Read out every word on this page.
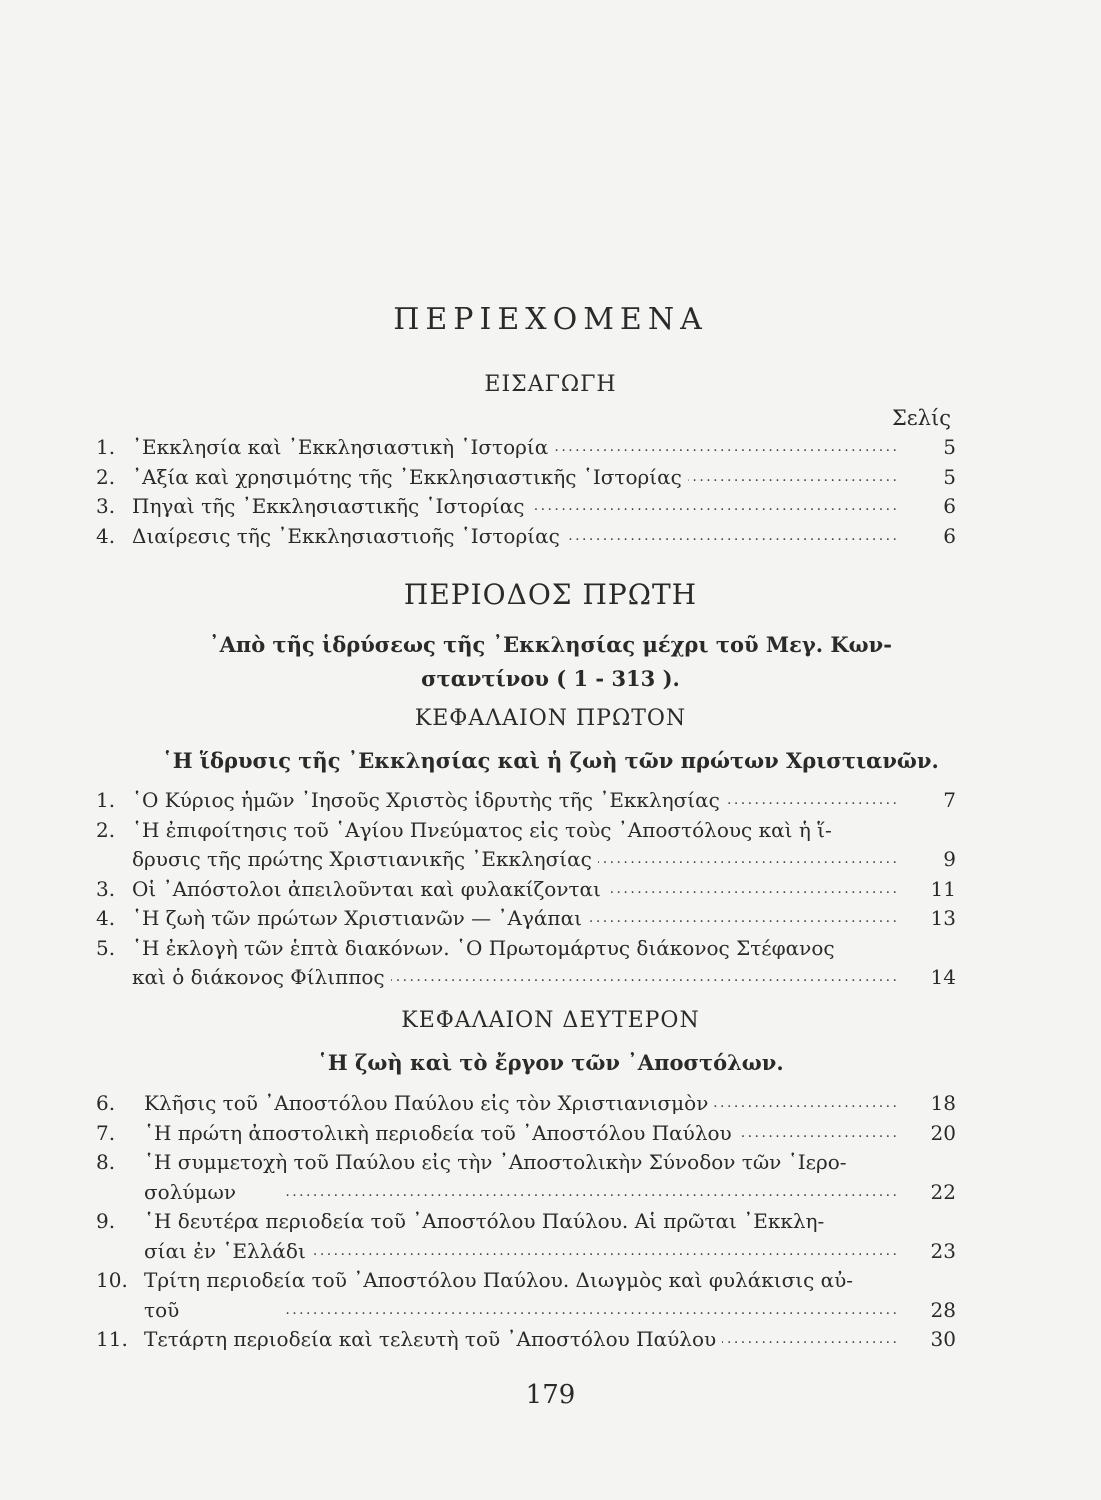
ΠΕΡΙΕΧΟΜΕΝΑ
ΕΙΣΑΓΩΓΗ
Σελίς
1. ᾽Εκκλησία καὶ ᾽Εκκλησιαστικὴ ῾Ιστορία . . .	5
2. ᾽Αξία καὶ χρησιμότης τῆς ᾽Εκκλησιαστικῆς ῾Ιστορίας . . .	5
3. Πηγαὶ τῆς ᾽Εκκλησιαστικῆς ῾Ιστορίας . . .	6
4. Διαίρεσις τῆς ᾽Εκκλησιαστιοῆς ῾Ιστορίας . . .	6
ΠΕΡΙΟΔΟΣ ΠΡΩΤΗ
᾽Απὸ τῆς ἱδρύσεως τῆς ᾽Εκκλησίας μέχρι τοῦ Μεγ. Κων-
σταντίνου ( 1 - 313 ).
ΚΕΦΑΛΑΙΟΝ ΠΡΩΤΟΝ
῾Η ἵδρυσις τῆς ᾽Εκκλησίας καὶ ἡ ζωὴ τῶν πρώτων Χριστιανῶν.
1. ῾Ο Κύριος ἡμῶν ᾽Ιησοῦς Χριστὸς ἱδρυτὴς τῆς ᾽Εκκλησίας . . .	7
2. ῾Η ἐπιφοίτησις τοῦ ῾Αγίου Πνεύματος εἰς τοὺς ᾽Αποστόλους καὶ ἡ ἵ-
δρυσις τῆς πρώτης Χριστιανικῆς ᾽Εκκλησίας . . .	9
3. Οἱ ᾽Απόστολοι ἀπειλοῦνται καὶ φυλακίζονται . . .	11
4. ῾Η ζωὴ τῶν πρώτων Χριστιανῶν — ᾽Αγάπαι . . .	13
5. ῾Η ἐκλογὴ τῶν ἑπτὰ διακόνων. ῾Ο Πρωτομάρτυς διάκονος Στέφανος
καὶ ὁ διάκονος Φίλιππος . . .	14
ΚΕΦΑΛΑΙΟΝ ΔΕΥΤΕΡΟΝ
῾Η ζωὴ καὶ τὸ ἔργον τῶν ᾽Αποστόλων.
6.	Κλῆσις τοῦ ᾽Αποστόλου Παύλου εἰς τὸν Χριστιανισμὸν . . .	18
7.	῾Η πρώτη ἀποστολικὴ περιοδεία τοῦ ᾽Αποστόλου Παύλου . . .	20
8.	῾Η συμμετοχὴ τοῦ Παύλου εἰς τὴν ᾽Αποστολικὴν Σύνοδον τῶν ῾Ιερο-
σολύμων . . .	22
9.	῾Η δευτέρα περιοδεία τοῦ ᾽Αποστόλου Παύλου. Αἱ πρῶται ᾽Εκκλη-
σίαι ἐν ῾Ελλάδι . . .	23
10. Τρίτη περιοδεία τοῦ ᾽Αποστόλου Παύλου. Διωγμὸς καὶ φυλάκισις αὐ-
τοῦ . . .	28
11. Τετάρτη περιοδεία καὶ τελευτὴ τοῦ ᾽Αποστόλου Παύλου . . .	30
179
